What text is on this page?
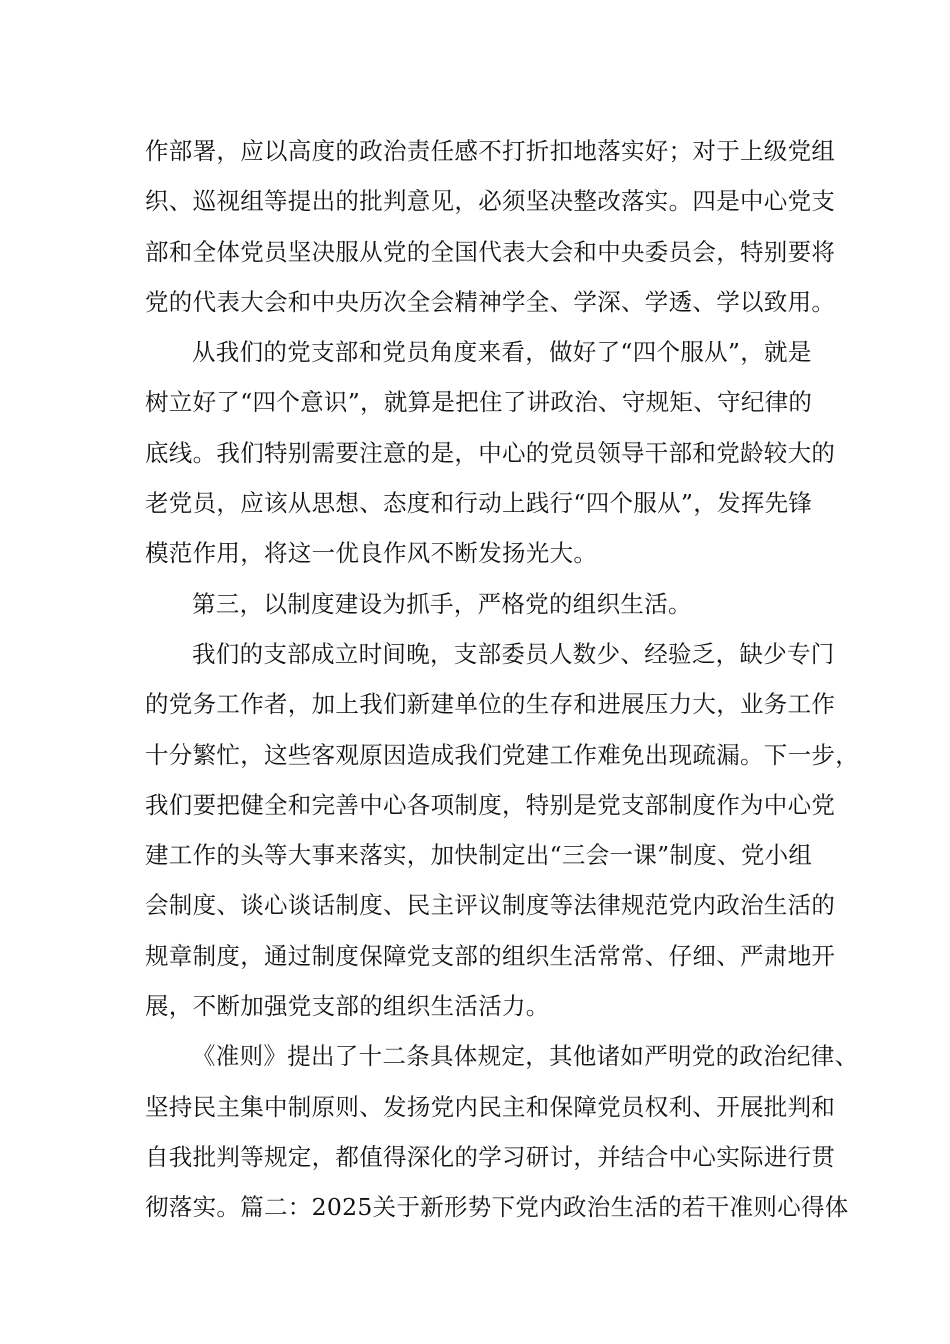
作部署，应以高度的政治责任感不打折扣地落实好；对于上级党组
织、巡视组等提出的批判意见，必须坚决整改落实。四是中心党支
部和全体党员坚决服从党的全国代表大会和中央委员会，特别要将
党的代表大会和中央历次全会精神学全、学深、学透、学以致用。
从我们的党支部和党员角度来看，做好了“四个服从”，就是
树立好了“四个意识”，就算是把住了讲政治、守规矩、守纪律的
底线。我们特别需要注意的是，中心的党员领导干部和党龄较大的
老党员，应该从思想、态度和行动上践行“四个服从”，发挥先锋
模范作用，将这一优良作风不断发扬光大。
第三，以制度建设为抓手，严格党的组织生活。
我们的支部成立时间晚，支部委员人数少、经验乏，缺少专门
的党务工作者，加上我们新建单位的生存和进展压力大，业务工作
十分繁忙，这些客观原因造成我们党建工作难免出现疏漏。下一步，
我们要把健全和完善中心各项制度，特别是党支部制度作为中心党
建工作的头等大事来落实，加快制定出“三会一课”制度、党小组
会制度、谈心谈话制度、民主评议制度等法律规范党内政治生活的
规章制度，通过制度保障党支部的组织生活常常、仔细、严肃地开
展，不断加强党支部的组织生活活力。
《准则》提出了十二条具体规定，其他诸如严明党的政治纪律、
坚持民主集中制原则、发扬党内民主和保障党员权利、开展批判和
自我批判等规定，都值得深化的学习研讨，并结合中心实际进行贯
彻落实。篇二：2025关于新形势下党内政治生活的若干准则心得体
